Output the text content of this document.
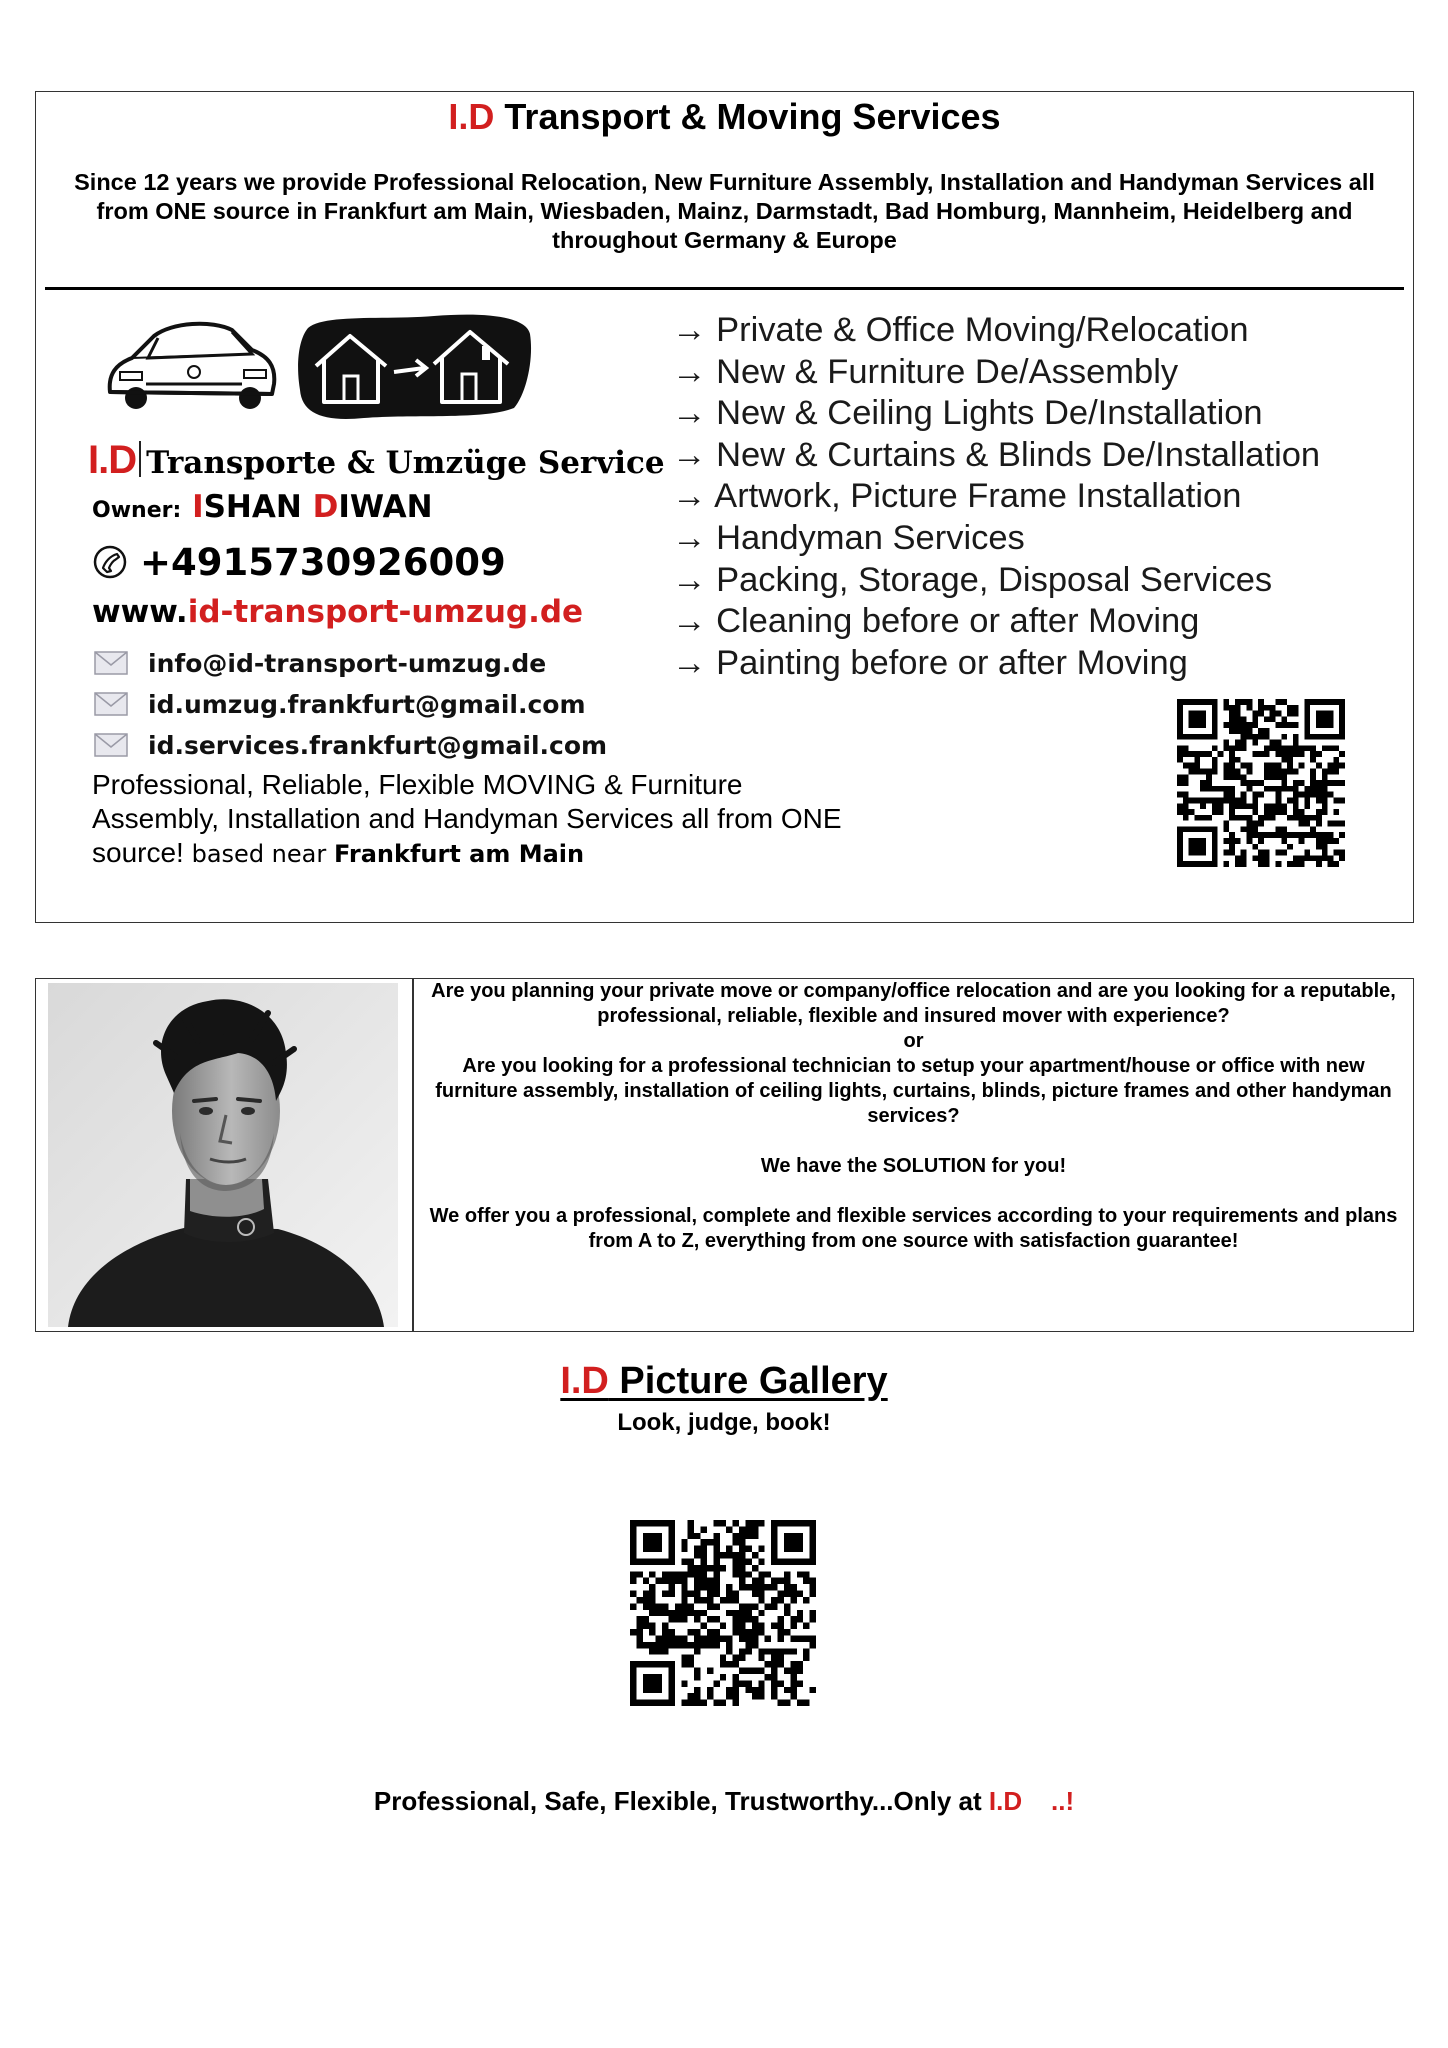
I.D Transport & Moving Services
Since 12 years we provide Professional Relocation, New Furniture Assembly, Installation and Handyman Services all from ONE source in Frankfurt am Main, Wiesbaden, Mainz, Darmstadt, Bad Homburg, Mannheim, Heidelberg and throughout Germany & Europe
I.D Transporte & Umzüge Service
Owner: ISHAN DIWAN
+4915730926009
www.id-transport-umzug.de
info@id-transport-umzug.de
id.umzug.frankfurt@gmail.com
id.services.frankfurt@gmail.com
Professional, Reliable, Flexible MOVING & Furniture Assembly, Installation and Handyman Services all from ONE source! based near Frankfurt am Main
→ Private & Office Moving/Relocation
→ New & Furniture De/Assembly
→ New & Ceiling Lights De/Installation
→ New & Curtains & Blinds De/Installation
→ Artwork, Picture Frame Installation
→ Handyman Services
→ Packing, Storage, Disposal Services
→ Cleaning before or after Moving
→ Painting before or after Moving

Are you planning your private move or company/office relocation and are you looking for a reputable, professional, reliable, flexible and insured mover with experience?

or

Are you looking for a professional technician to setup your apartment/house or office with new furniture assembly, installation of ceiling lights, curtains, blinds, picture frames and other handyman services?

We have the SOLUTION for you!

We offer you a professional, complete and flexible services according to your requirements and plans from A to Z, everything from one source with satisfaction guarantee!

I.D Picture Gallery
Look, judge, book!
Professional, Safe, Flexible, Trustworthy...Only at I.D    ..!
